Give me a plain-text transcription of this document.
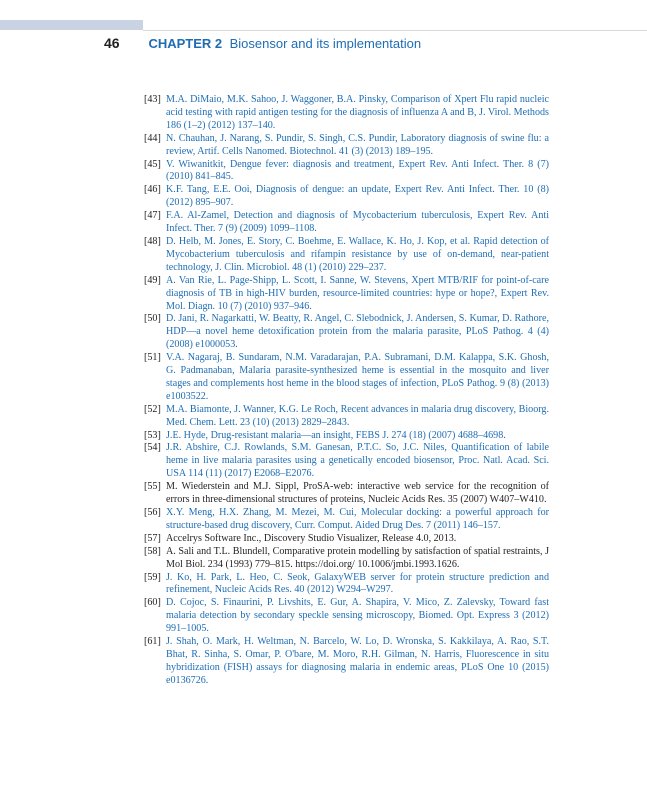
46 CHAPTER 2 Biosensor and its implementation
[43] M.A. DiMaio, M.K. Sahoo, J. Waggoner, B.A. Pinsky, Comparison of Xpert Flu rapid nucleic acid testing with rapid antigen testing for the diagnosis of influenza A and B, J. Virol. Methods 186 (1–2) (2012) 137–140.
[44] N. Chauhan, J. Narang, S. Pundir, S. Singh, C.S. Pundir, Laboratory diagnosis of swine flu: a review, Artif. Cells Nanomed. Biotechnol. 41 (3) (2013) 189–195.
[45] V. Wiwanitkit, Dengue fever: diagnosis and treatment, Expert Rev. Anti Infect. Ther. 8 (7) (2010) 841–845.
[46] K.F. Tang, E.E. Ooi, Diagnosis of dengue: an update, Expert Rev. Anti Infect. Ther. 10 (8) (2012) 895–907.
[47] F.A. Al-Zamel, Detection and diagnosis of Mycobacterium tuberculosis, Expert Rev. Anti Infect. Ther. 7 (9) (2009) 1099–1108.
[48] D. Helb, M. Jones, E. Story, C. Boehme, E. Wallace, K. Ho, J. Kop, et al. Rapid detection of Mycobacterium tuberculosis and rifampin resistance by use of on-demand, near-patient technology, J. Clin. Microbiol. 48 (1) (2010) 229–237.
[49] A. Van Rie, L. Page-Shipp, L. Scott, I. Sanne, W. Stevens, Xpert MTB/RIF for point-of-care diagnosis of TB in high-HIV burden, resource-limited countries: hype or hope?, Expert Rev. Mol. Diagn. 10 (7) (2010) 937–946.
[50] D. Jani, R. Nagarkatti, W. Beatty, R. Angel, C. Slebodnick, J. Andersen, S. Kumar, D. Rathore, HDP—a novel heme detoxification protein from the malaria parasite, PLoS Pathog. 4 (4) (2008) e1000053.
[51] V.A. Nagaraj, B. Sundaram, N.M. Varadarajan, P.A. Subramani, D.M. Kalappa, S.K. Ghosh, G. Padmanaban, Malaria parasite-synthesized heme is essential in the mosquito and liver stages and complements host heme in the blood stages of infection, PLoS Pathog. 9 (8) (2013) e1003522.
[52] M.A. Biamonte, J. Wanner, K.G. Le Roch, Recent advances in malaria drug discovery, Bioorg. Med. Chem. Lett. 23 (10) (2013) 2829–2843.
[53] J.E. Hyde, Drug-resistant malaria—an insight, FEBS J. 274 (18) (2007) 4688–4698.
[54] J.R. Abshire, C.J. Rowlands, S.M. Ganesan, P.T.C. So, J.C. Niles, Quantification of labile heme in live malaria parasites using a genetically encoded biosensor, Proc. Natl. Acad. Sci. USA 114 (11) (2017) E2068–E2076.
[55] M. Wiederstein and M.J. Sippl, ProSA-web: interactive web service for the recognition of errors in three-dimensional structures of proteins, Nucleic Acids Res. 35 (2007) W407–W410.
[56] X.Y. Meng, H.X. Zhang, M. Mezei, M. Cui, Molecular docking: a powerful approach for structure-based drug discovery, Curr. Comput. Aided Drug Des. 7 (2011) 146–157.
[57] Accelrys Software Inc., Discovery Studio Visualizer, Release 4.0, 2013.
[58] A. Sali and T.L. Blundell, Comparative protein modelling by satisfaction of spatial restraints, J Mol Biol. 234 (1993) 779–815. https://doi.org/ 10.1006/jmbi.1993.1626.
[59] J. Ko, H. Park, L. Heo, C. Seok, GalaxyWEB server for protein structure prediction and refinement, Nucleic Acids Res. 40 (2012) W294–W297.
[60] D. Cojoc, S. Finaurini, P. Livshits, E. Gur, A. Shapira, V. Mico, Z. Zalevsky, Toward fast malaria detection by secondary speckle sensing microscopy, Biomed. Opt. Express 3 (2012) 991–1005.
[61] J. Shah, O. Mark, H. Weltman, N. Barcelo, W. Lo, D. Wronska, S. Kakkilaya, A. Rao, S.T. Bhat, R. Sinha, S. Omar, P. O'bare, M. Moro, R.H. Gilman, N. Harris, Fluorescence in situ hybridization (FISH) assays for diagnosing malaria in endemic areas, PLoS One 10 (2015) e0136726.
